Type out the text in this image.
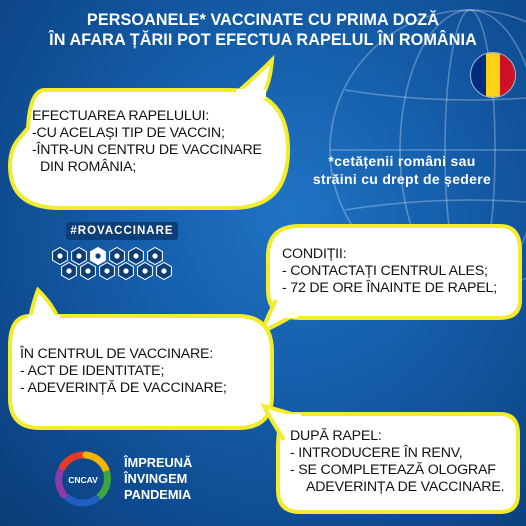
PERSOANELE* VACCINATE CU PRIMA DOZĂ
ÎN AFARA ȚĂRII POT EFECTUA RAPELUL ÎN ROMÂNIA
EFECTUAREA RAPELULUI:
-CU ACELAȘI TIP DE VACCIN;
-ÎNTR-UN CENTRU DE VACCINARE
DIN ROMÂNIA;	*cetățenii români sau
străini cu drept de ședere
#ROVACCINARE
CONDIȚII:
- CONTACTAȚI CENTRUL ALES;
- 72 DE ORE ÎNAINTE DE RAPEL;
ÎN CENTRUL DE VACCINARE:
- ACT DE IDENTITATE;
- ADEVERINȚĂ DE VACCINARE;
DUPĂ RAPEL:
- INTRODUCERE ÎN RENV,
- SE COMPLETEAZĂ OLOGRAF
ADEVERINȚA DE VACCINARE.
CNCAV
ÎMPREUNĂ
ÎNVINGEM
PANDEMIA
